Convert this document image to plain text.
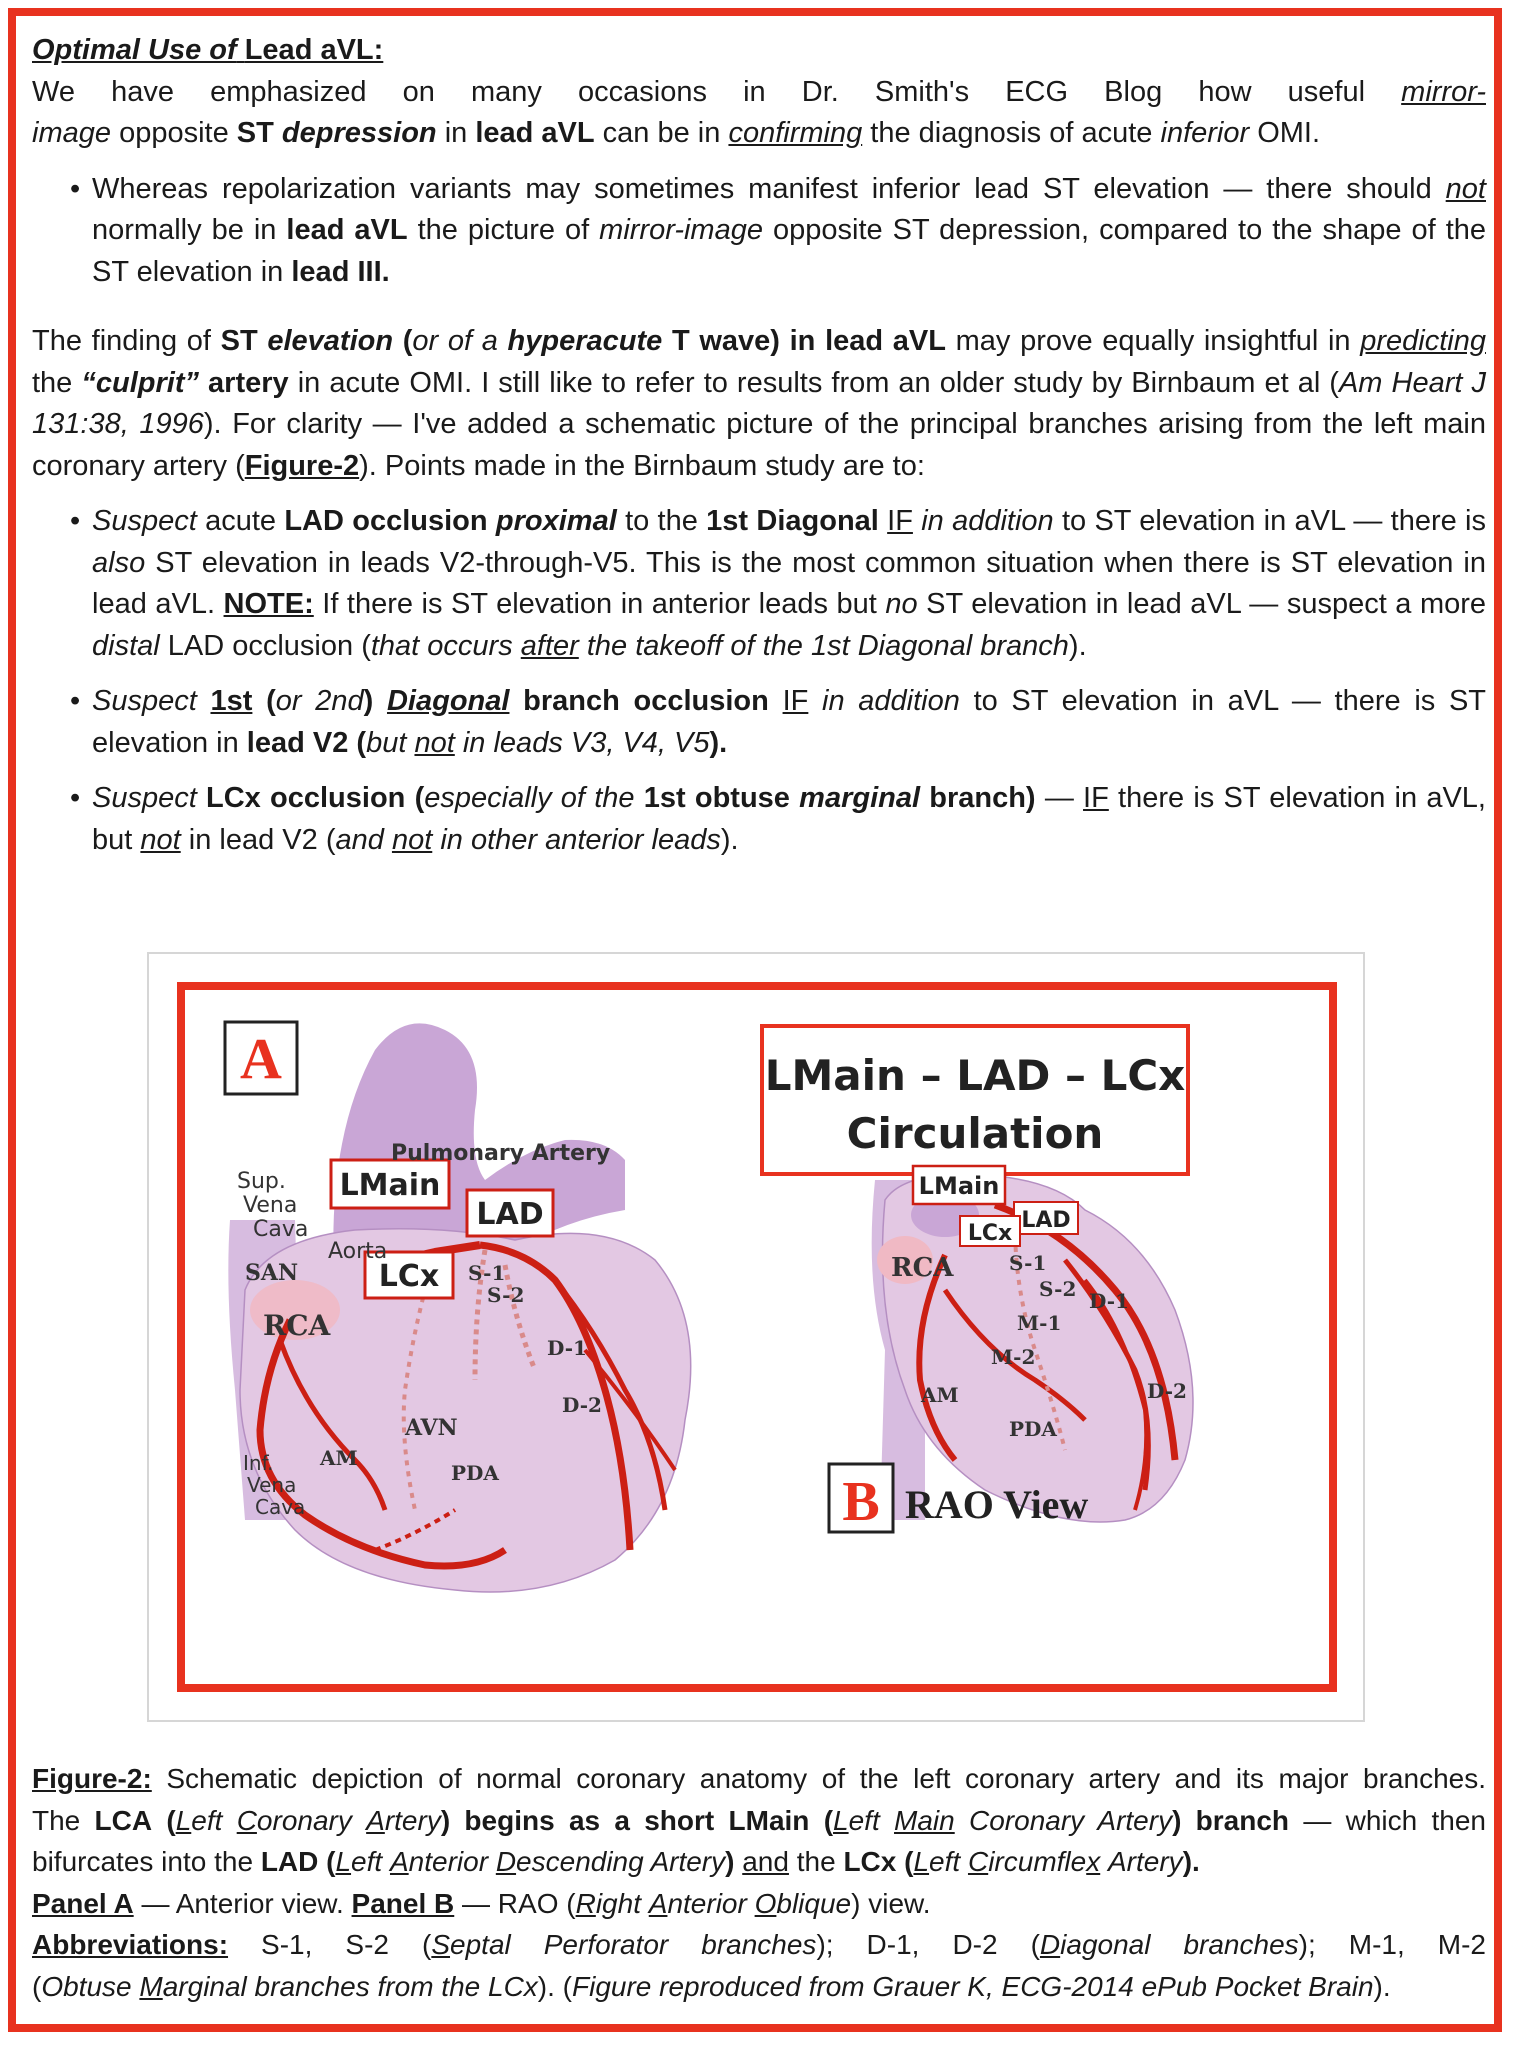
Optimal Use of Lead aVL:

We have emphasized on many occasions in Dr. Smith's ECG Blog how useful mirror-

image opposite ST depression in lead aVL can be in confirming the diagnosis of acute inferior OMI.

• Whereas repolarization variants may sometimes manifest inferior lead ST elevation — there should not normally be in lead aVL the picture of mirror-image opposite ST depression, compared to the shape of the ST elevation in lead III.

The finding of ST elevation (or of a hyperacute T wave) in lead aVL may prove equally insightful in predicting the “culprit” artery in acute OMI. I still like to refer to results from an older study by Birnbaum et al (Am Heart J 131:38, 1996). For clarity — I've added a schematic picture of the principal branches arising from the left main coronary artery (Figure-2). Points made in the Birnbaum study are to:

• Suspect acute LAD occlusion proximal to the 1st Diagonal IF in addition to ST elevation in aVL — there is also ST elevation in leads V2-through-V5. This is the most common situation when there is ST elevation in lead aVL. NOTE: If there is ST elevation in anterior leads but no ST elevation in lead aVL — suspect a more distal LAD occlusion (that occurs after the takeoff of the 1st Diagonal branch).
• Suspect 1st (or 2nd) Diagonal branch occlusion IF in addition to ST elevation in aVL — there is ST elevation in lead V2 (but not in leads V3, V4, V5).
• Suspect LCx occlusion (especially of the 1st obtuse marginal branch) — IF there is ST elevation in aVL, but not in lead V2 (and not in other anterior leads).
A
LMain
LAD
LCx
Pulmonary Artery
Sup.
Vena
Cava
Aorta
SAN
RCA
S-1
S-2
D-1
D-2
AVN
AM
PDA
Inf.
Vena
Cava
LMain – LAD – LCx
Circulation
LMain
LAD
LCx
RCA	S-1
S-2 D-1
M-1
M-2
AM	D-2
PDA
B RAO View

Figure-2: Schematic depiction of normal coronary anatomy of the left coronary artery and its major branches.

The LCA (Left Coronary Artery) begins as a short LMain (Left Main Coronary Artery) branch — which then

bifurcates into the LAD (Left Anterior Descending Artery) and the LCx (Left Circumflex Artery).

Panel A — Anterior view. Panel B — RAO (Right Anterior Oblique) view.

Abbreviations: S-1, S-2 (Septal Perforator branches); D-1, D-2 (Diagonal branches); M-1, M-2

(Obtuse Marginal branches from the LCx). (Figure reproduced from Grauer K, ECG-2014 ePub Pocket Brain).
